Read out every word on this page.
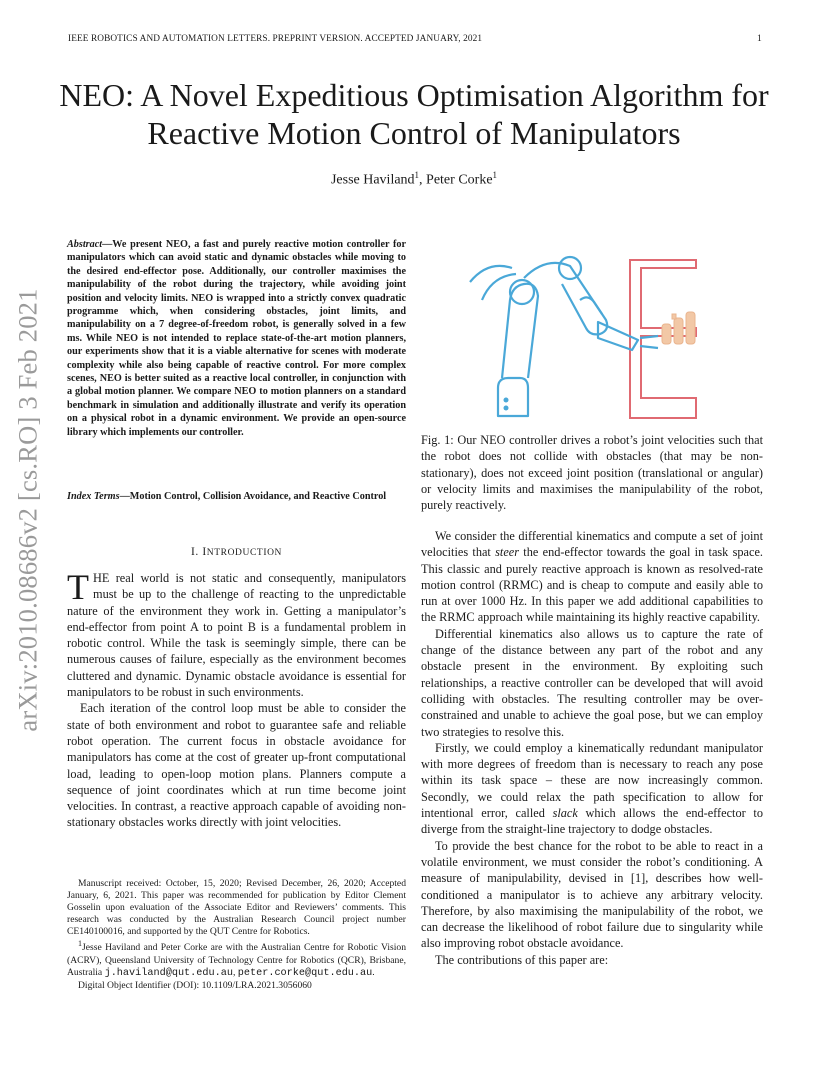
IEEE ROBOTICS AND AUTOMATION LETTERS. PREPRINT VERSION. ACCEPTED JANUARY, 2021	1
NEO: A Novel Expeditious Optimisation Algorithm for Reactive Motion Control of Manipulators
Jesse Haviland$^1$, Peter Corke$^1$
arXiv:2010.08686v2 [cs.RO] 3 Feb 2021
Abstract—We present NEO, a fast and purely reactive motion controller for manipulators which can avoid static and dynamic obstacles while moving to the desired end-effector pose. Additionally, our controller maximises the manipulability of the robot during the trajectory, while avoiding joint position and velocity limits. NEO is wrapped into a strictly convex quadratic programme which, when considering obstacles, joint limits, and manipulability on a 7 degree-of-freedom robot, is generally solved in a few ms. While NEO is not intended to replace state-of-the-art motion planners, our experiments show that it is a viable alternative for scenes with moderate complexity while also being capable of reactive control. For more complex scenes, NEO is better suited as a reactive local controller, in conjunction with a global motion planner. We compare NEO to motion planners on a standard benchmark in simulation and additionally illustrate and verify its operation on a physical robot in a dynamic environment. We provide an open-source library which implements our controller.
Index Terms—Motion Control, Collision Avoidance, and Reactive Control
I. INTRODUCTION

THE real world is not static and consequently, manipulators must be up to the challenge of reacting to the unpredictable nature of the environment they work in. Getting a manipulator’s end-effector from point A to point B is a fundamental problem in robotic control. While the task is seemingly simple, there can be numerous causes of failure, especially as the environment becomes cluttered and dynamic. Dynamic obstacle avoidance is essential for manipulators to be robust in such environments.

Each iteration of the control loop must be able to consider the state of both environment and robot to guarantee safe and reliable robot operation. The current focus in obstacle avoidance for manipulators has come at the cost of greater up-front computational load, leading to open-loop motion plans. Planners compute a sequence of joint coordinates which at run time become joint velocities. In contrast, a reactive approach capable of avoiding non-stationary obstacles works directly with joint velocities.

Manuscript received: October, 15, 2020; Revised December, 26, 2020; Accepted January, 6, 2021. This paper was recommended for publication by Editor Clement Gosselin upon evaluation of the Associate Editor and Reviewers’ comments. This research was conducted by the Australian Research Council project number CE140100016, and supported by the QUT Centre for Robotics.

$^1$Jesse Haviland and Peter Corke are with the Australian Centre for Robotic Vision (ACRV), Queensland University of Technology Centre for Robotics (QCR), Brisbane, Australia j.haviland@qut.edu.au, peter.corke@qut.edu.au.

Digital Object Identifier (DOI): 10.1109/LRA.2021.3056060

Fig. 1: Our NEO controller drives a robot’s joint velocities such that the robot does not collide with obstacles (that may be non-stationary), does not exceed joint position (translational or angular) or velocity limits and maximises the manipulability of the robot, purely reactively.

We consider the differential kinematics and compute a set of joint velocities that steer the end-effector towards the goal in task space. This classic and purely reactive approach is known as resolved-rate motion control (RRMC) and is cheap to compute and easily able to run at over 1000 Hz. In this paper we add additional capabilities to the RRMC approach while maintaining its highly reactive capability.

Differential kinematics also allows us to capture the rate of change of the distance between any part of the robot and any obstacle present in the environment. By exploiting such relationships, a reactive controller can be developed that will avoid colliding with obstacles. The resulting controller may be over-constrained and unable to achieve the goal pose, but we can employ two strategies to resolve this.

Firstly, we could employ a kinematically redundant manipulator with more degrees of freedom than is necessary to reach any pose within its task space – these are now increasingly common. Secondly, we could relax the path specification to allow for intentional error, called slack which allows the end-effector to diverge from the straight-line trajectory to dodge obstacles.

To provide the best chance for the robot to be able to react in a volatile environment, we must consider the robot’s conditioning. A measure of manipulability, devised in [1], describes how well-conditioned a manipulator is to achieve any arbitrary velocity. Therefore, by also maximising the manipulability of the robot, we can decrease the likelihood of robot failure due to singularity while also improving robot obstacle avoidance.

The contributions of this paper are:
